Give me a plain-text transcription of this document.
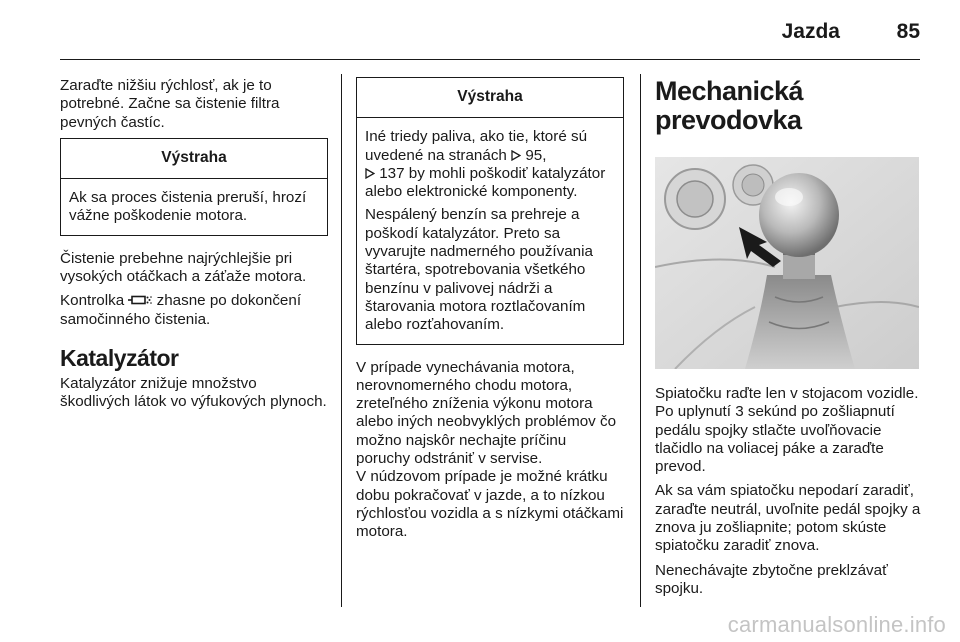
Jazda	85

Zaraďte nižšiu rýchlosť, ak je to potrebné. Začne sa čistenie filtra pevných častíc.

Výstraha

Ak sa proces čistenia preruší, hrozí vážne poškodenie motora.

Čistenie prebehne najrýchlejšie pri vysokých otáčkach a záťaže motora.

Kontrolka zhasne po dokončení samočinného čistenia.

Katalyzátor

Katalyzátor znižuje množstvo škodlivých látok vo výfukových plynoch.

Výstraha

Iné triedy paliva, ako tie, ktoré sú uvedené na stranách 95,
137 by mohli poškodiť katalyzátor alebo elektronické komponenty.

Nespálený benzín sa prehreje a poškodí katalyzátor. Preto sa vyvarujte nadmerného používania štartéra, spotrebovania všetkého benzínu v palivovej nádrži a štarovania motora roztlačovaním alebo rozťahovaním.

V prípade vynechávania motora, nerovnomerného chodu motora, zreteľného zníženia výkonu motora alebo iných neobvyklých problémov čo možno najskôr nechajte príčinu poruchy odstrániť v servise.

V núdzovom prípade je možné krátku dobu pokračovať v jazde, a to nízkou rýchlosťou vozidla a s nízkymi otáčkami motora.

Mechanická
prevodovka

Spiatočku raďte len v stojacom vozidle. Po uplynutí 3 sekúnd po zošliapnutí pedálu spojky stlačte uvoľňovacie tlačidlo na voliacej páke a zaraďte prevod.

Ak sa vám spiatočku nepodarí zaradiť, zaraďte neutrál, uvoľnite pedál spojky a znova ju zošliapnite; potom skúste spiatočku zaradiť znova.

Nenechávajte zbytočne preklzávať spojku.

carmanualsonline.info
